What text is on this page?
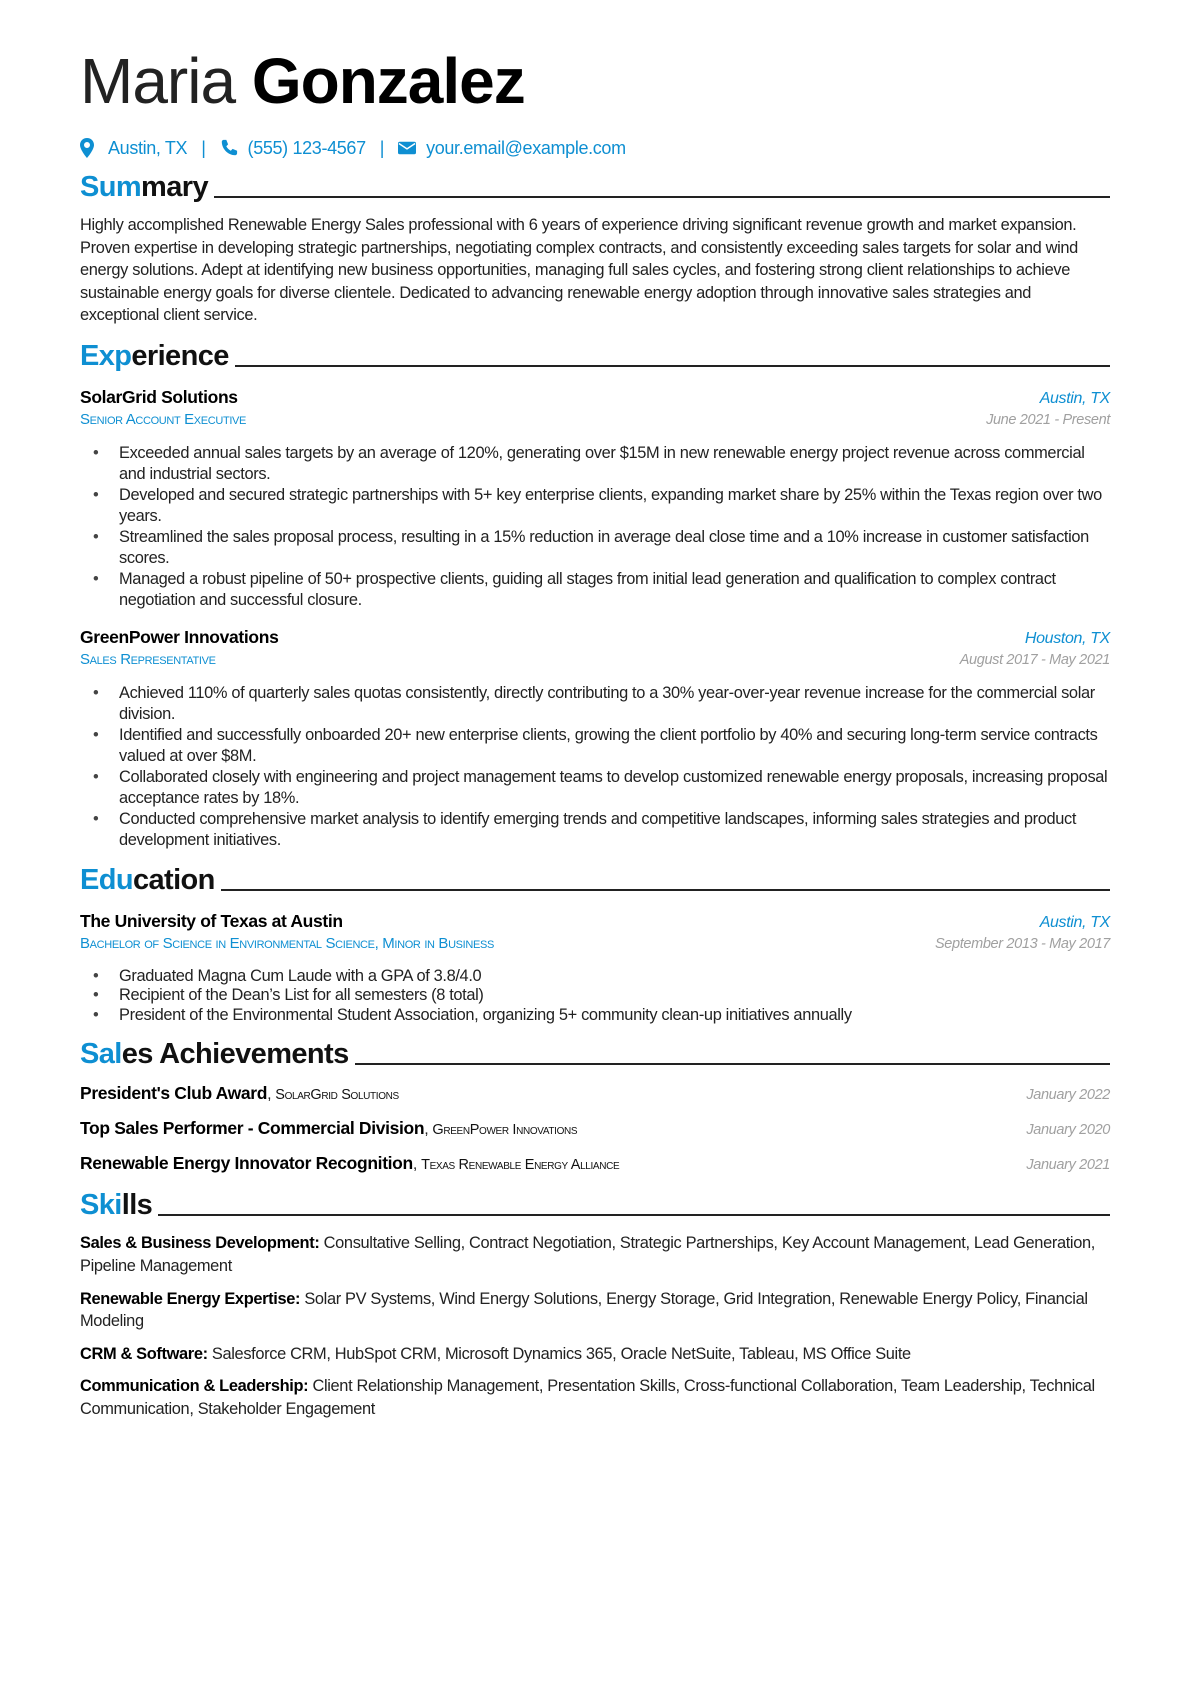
Maria Gonzalez
Austin, TX | (555) 123-4567 | your.email@example.com
Summary

Highly accomplished Renewable Energy Sales professional with 6 years of experience driving significant revenue growth and market expansion. Proven expertise in developing strategic partnerships, negotiating complex contracts, and consistently exceeding sales targets for solar and wind energy solutions. Adept at identifying new business opportunities, managing full sales cycles, and fostering strong client relationships to achieve sustainable energy goals for diverse clientele. Dedicated to advancing renewable energy adoption through innovative sales strategies and exceptional client service.

Experience
SolarGrid Solutions	Austin, TX
Senior Account Executive	June 2021 - Present
• Exceeded annual sales targets by an average of 120%, generating over $15M in new renewable energy project revenue across commercial and industrial sectors.
• Developed and secured strategic partnerships with 5+ key enterprise clients, expanding market share by 25% within the Texas region over two years.
• Streamlined the sales proposal process, resulting in a 15% reduction in average deal close time and a 10% increase in customer satisfaction scores.
• Managed a robust pipeline of 50+ prospective clients, guiding all stages from initial lead generation and qualification to complex contract negotiation and successful closure.
GreenPower Innovations	Houston, TX
Sales Representative	August 2017 - May 2021
• Achieved 110% of quarterly sales quotas consistently, directly contributing to a 30% year-over-year revenue increase for the commercial solar division.
• Identified and successfully onboarded 20+ new enterprise clients, growing the client portfolio by 40% and securing long-term service contracts valued at over $8M.
• Collaborated closely with engineering and project management teams to develop customized renewable energy proposals, increasing proposal acceptance rates by 18%.
• Conducted comprehensive market analysis to identify emerging trends and competitive landscapes, informing sales strategies and product development initiatives.
Education
The University of Texas at Austin	Austin, TX
Bachelor of Science in Environmental Science, Minor in Business	September 2013 - May 2017
• Graduated Magna Cum Laude with a GPA of 3.8/4.0
• Recipient of the Dean’s List for all semesters (8 total)
• President of the Environmental Student Association, organizing 5+ community clean-up initiatives annually
Sales Achievements
President's Club Award, SolarGrid Solutions	January 2022
Top Sales Performer - Commercial Division, GreenPower Innovations	January 2020
Renewable Energy Innovator Recognition, Texas Renewable Energy Alliance	January 2021
Skills

Sales & Business Development: Consultative Selling, Contract Negotiation, Strategic Partnerships, Key Account Management, Lead Generation, Pipeline Management

Renewable Energy Expertise: Solar PV Systems, Wind Energy Solutions, Energy Storage, Grid Integration, Renewable Energy Policy, Financial Modeling

CRM & Software: Salesforce CRM, HubSpot CRM, Microsoft Dynamics 365, Oracle NetSuite, Tableau, MS Office Suite

Communication & Leadership: Client Relationship Management, Presentation Skills, Cross-functional Collaboration, Team Leadership, Technical Communication, Stakeholder Engagement
